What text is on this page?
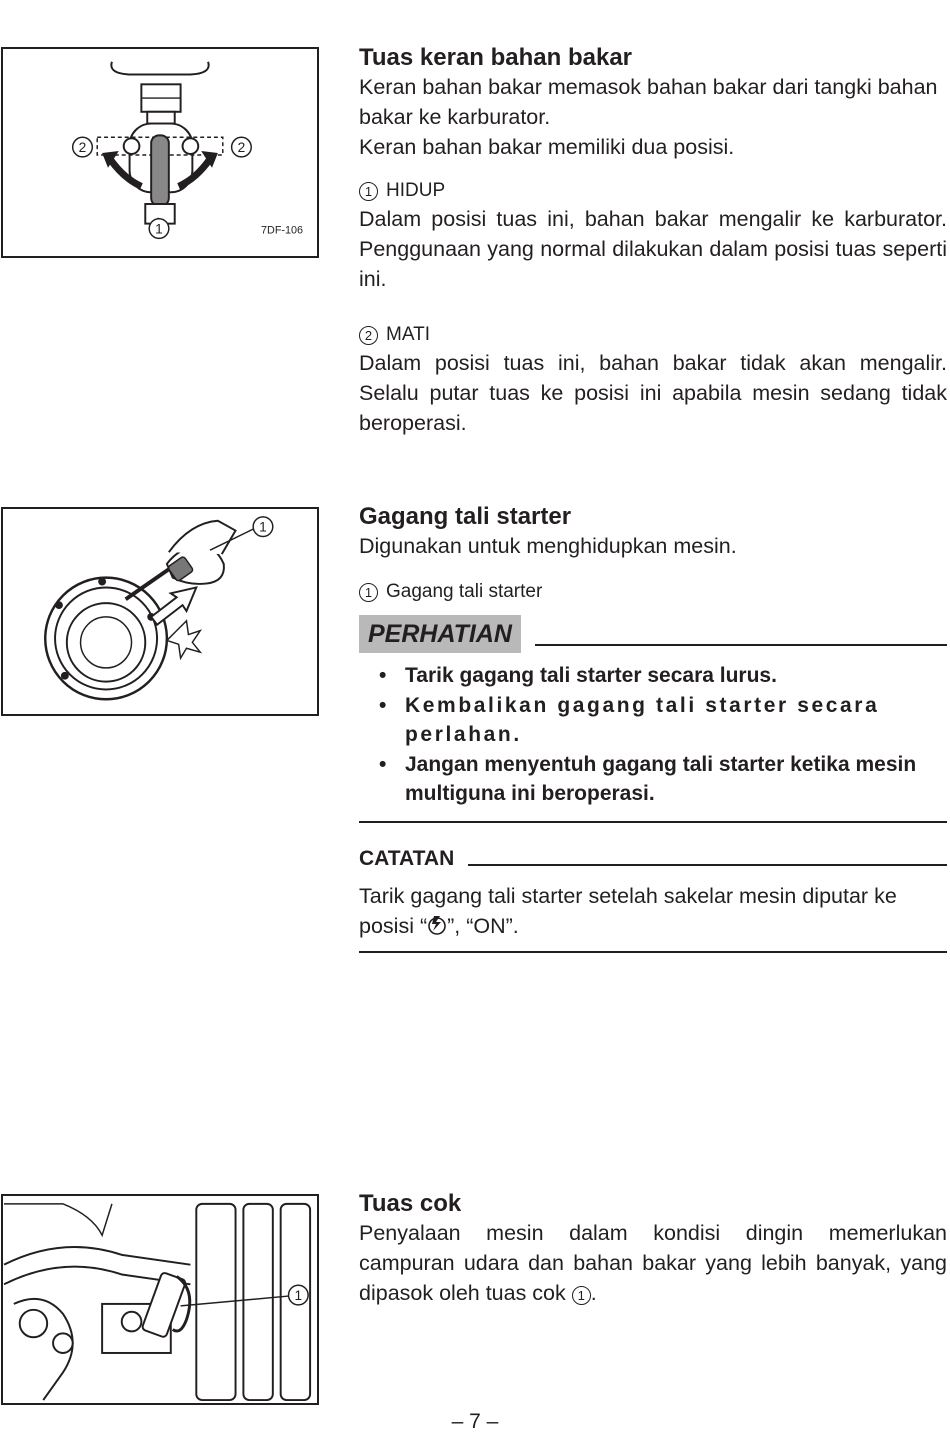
2	2
1	7DF-106
Tuas keran bahan bakar

Keran bahan bakar memasok bahan bakar dari tangki bahan bakar ke karburator.

Keran bahan bakar memiliki dua posisi.

1 HIDUP

Dalam posisi tuas ini, bahan bakar mengalir ke karburator. Penggunaan yang normal dilakukan dalam posisi tuas seperti ini.

2 MATI

Dalam posisi tuas ini, bahan bakar tidak akan mengalir. Selalu putar tuas ke posisi ini apabila mesin sedang tidak beroperasi.

1	Gagang tali starter

Digunakan untuk menghidupkan mesin.

1 Gagang tali starter
PERHATIAN
• Tarik gagang tali starter secara lurus.
• Kembalikan gagang tali starter secara perlahan.
• Jangan menyentuh gagang tali starter ketika mesin multiguna ini beroperasi.
CATATAN

Tarik gagang tali starter setelah sakelar mesin diputar ke posisi “ ”, “ON”.

1
Tuas cok

Penyalaan mesin dalam kondisi dingin memerlukan campuran udara dan bahan bakar yang lebih banyak, yang dipasok oleh tuas cok 1 .

– 7 –
